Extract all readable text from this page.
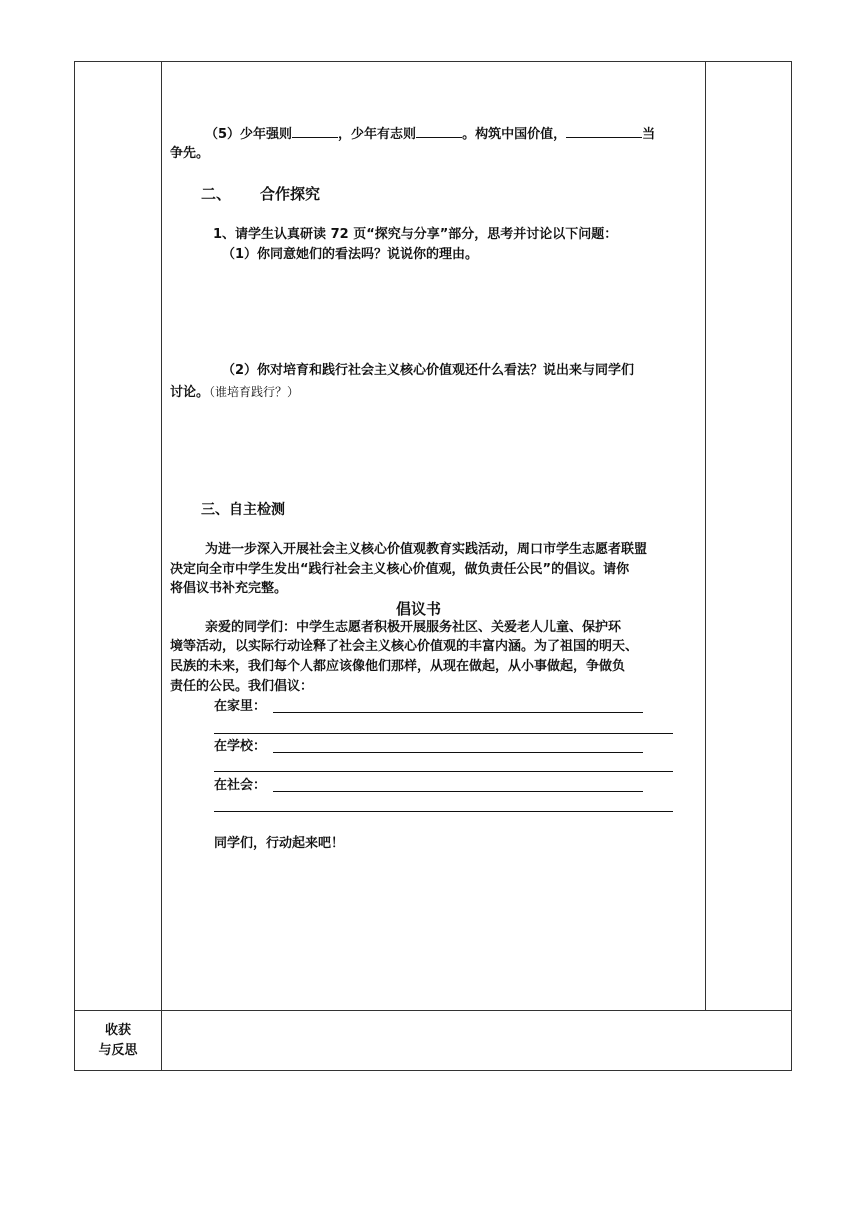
（5）少年强则	，少年有志则	。构筑中国价值，	当
争先。
二、 合作探究
1、请学生认真研读 72 页“探究与分享”部分，思考并讨论以下问题：
（1）你同意她们的看法吗？说说你的理由。
（2）你对培育和践行社会主义核心价值观还什么看法？说出来与同学们
讨论。（谁培育践行？）
三、自主检测
为进一步深入开展社会主义核心价值观教育实践活动，周口市学生志愿者联盟
决定向全市中学生发出“践行社会主义核心价值观，做负责任公民”的倡议。请你
将倡议书补充完整。
倡议书
亲爱的同学们：中学生志愿者积极开展服务社区、关爱老人儿童、保护环
境等活动，以实际行动诠释了社会主义核心价值观的丰富内涵。为了祖国的明天、
民族的未来，我们每个人都应该像他们那样，从现在做起，从小事做起，争做负
责任的公民。我们倡议：
在家里：
在学校：
在社会：
同学们，行动起来吧！
收获
与反思
